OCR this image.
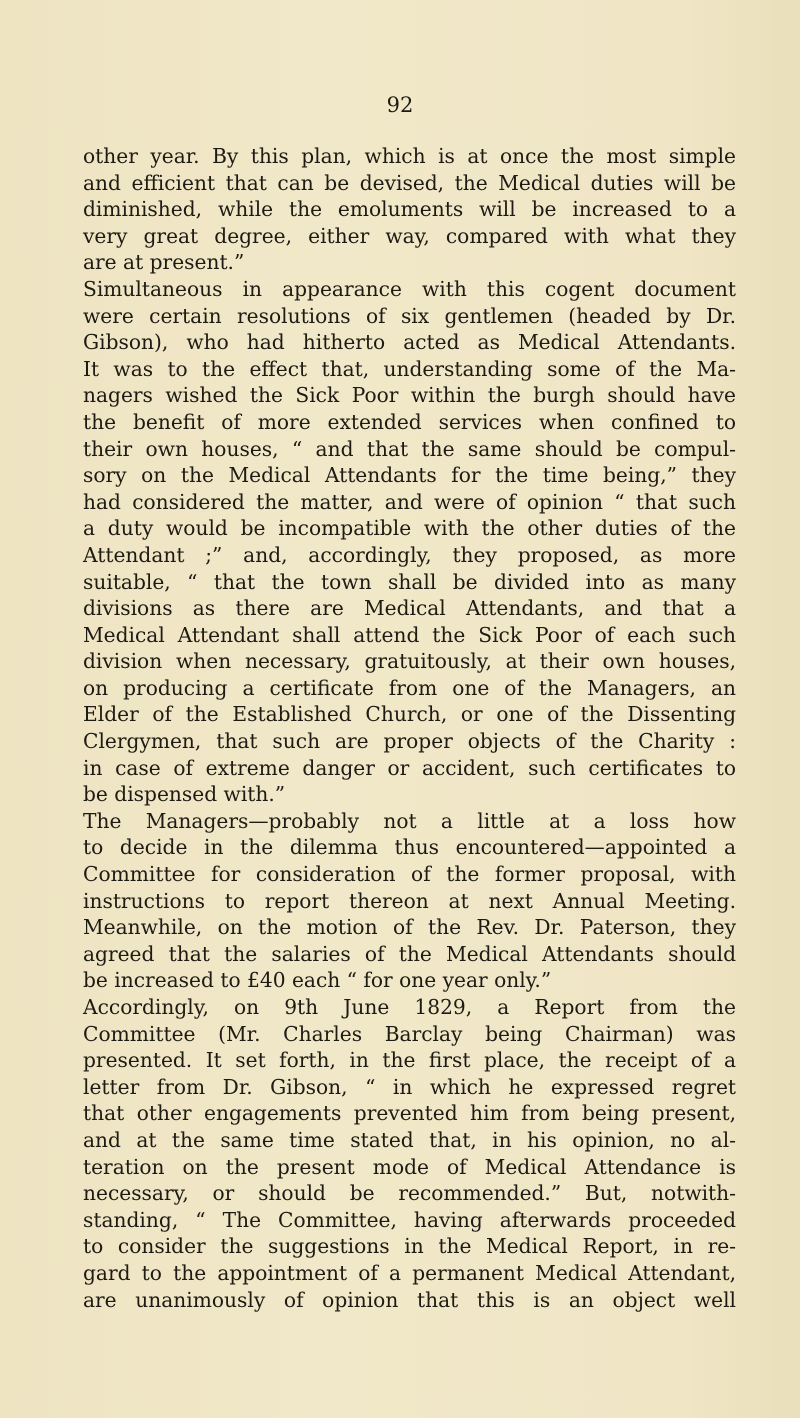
92
other year. By this plan, which is at once the most simple
and efficient that can be devised, the Medical duties will be
diminished, while the emoluments will be increased to a
very great degree, either way, compared with what they
are at present.”
Simultaneous in appearance with this cogent document
were certain resolutions of six gentlemen (headed by Dr.
Gibson), who had hitherto acted as Medical Attendants.
It was to the effect that, understanding some of the Ma-
nagers wished the Sick Poor within the burgh should have
the benefit of more extended services when confined to
their own houses, “ and that the same should be compul-
sory on the Medical Attendants for the time being,” they
had considered the matter, and were of opinion “ that such
a duty would be incompatible with the other duties of the
Attendant ;” and, accordingly, they proposed, as more
suitable, “ that the town shall be divided into as many
divisions as there are Medical Attendants, and that a
Medical Attendant shall attend the Sick Poor of each such
division when necessary, gratuitously, at their own houses,
on producing a certificate from one of the Managers, an
Elder of the Established Church, or one of the Dissenting
Clergymen, that such are proper objects of the Charity :
in case of extreme danger or accident, such certificates to
be dispensed with.”
The Managers—probably not a little at a loss how
to decide in the dilemma thus encountered—appointed a
Committee for consideration of the former proposal, with
instructions to report thereon at next Annual Meeting.
Meanwhile, on the motion of the Rev. Dr. Paterson, they
agreed that the salaries of the Medical Attendants should
be increased to £40 each “ for one year only.”
Accordingly, on 9th June 1829, a Report from the
Committee (Mr. Charles Barclay being Chairman) was
presented. It set forth, in the first place, the receipt of a
letter from Dr. Gibson, “ in which he expressed regret
that other engagements prevented him from being present,
and at the same time stated that, in his opinion, no al-
teration on the present mode of Medical Attendance is
necessary, or should be recommended.” But, notwith-
standing, “ The Committee, having afterwards proceeded
to consider the suggestions in the Medical Report, in re-
gard to the appointment of a permanent Medical Attendant,
are unanimously of opinion that this is an object well
